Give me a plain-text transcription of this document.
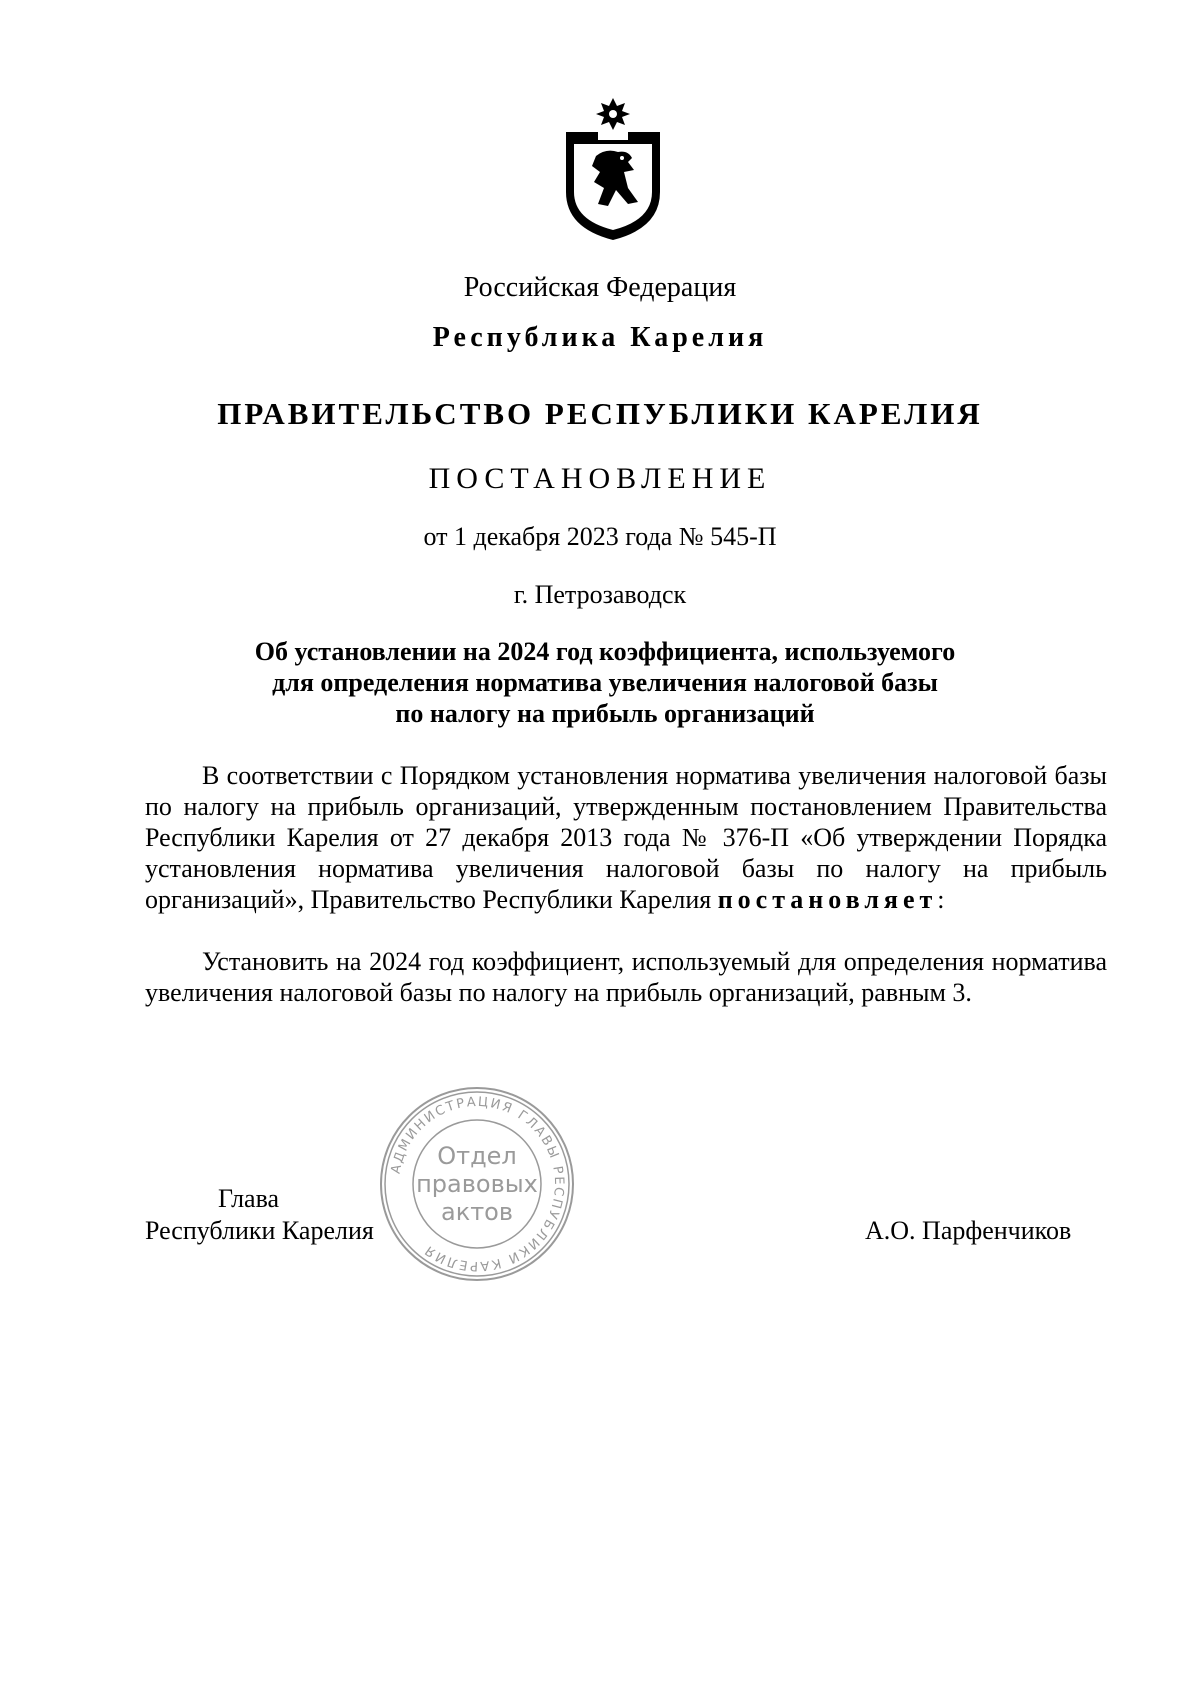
Российская Федерация
Республика Карелия
ПРАВИТЕЛЬСТВО РЕСПУБЛИКИ КАРЕЛИЯ
ПОСТАНОВЛЕНИЕ
от 1 декабря 2023 года № 545-П
г. Петрозаводск
Об установлении на 2024 год коэффициента, используемого
для определения норматива увеличения налоговой базы
по налогу на прибыль организаций
В соответствии с Порядком установления норматива увеличения налоговой базы по налогу на прибыль организаций, утвержденным постановлением Правительства Республики Карелия от 27 декабря 2013 года № 376-П «Об утверждении Порядка установления норматива увеличения налоговой базы по налогу на прибыль организаций», Правительство Республики Карелия постановляет:
Установить на 2024 год коэффициент, используемый для определения норматива увеличения налоговой базы по налогу на прибыль организаций, равным 3.
Глава
Республики Карелия	А.О. Парфенчиков
АДМИНИСТРАЦИЯ ГЛАВЫ РЕСПУБЛИКИ КАРЕЛИЯ
Отдел
правовых
актов
